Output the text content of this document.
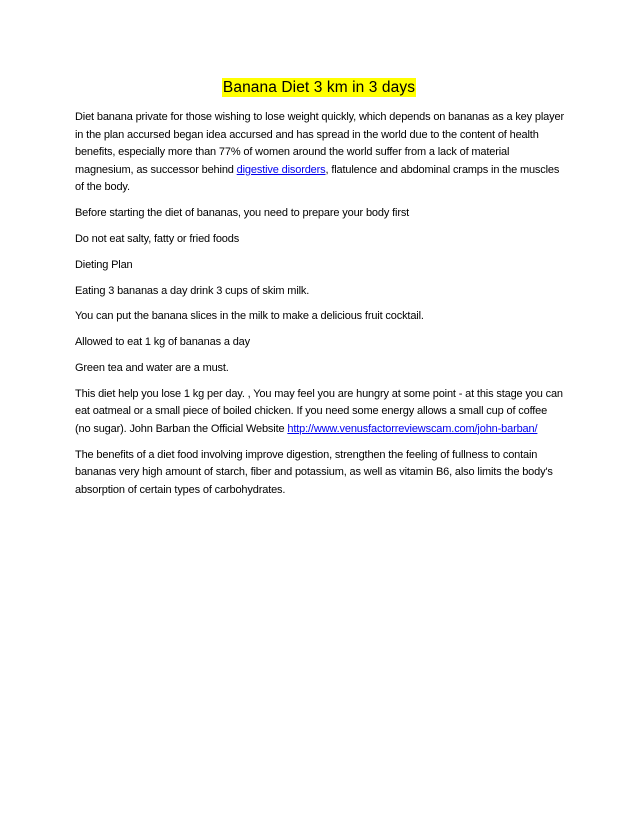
Banana Diet 3 km in 3 days

Diet banana private for those wishing to lose weight quickly, which depends on bananas as a key player in the plan accursed began idea accursed and has spread in the world due to the content of health benefits, especially more than 77% of women around the world suffer from a lack of material magnesium, as successor behind digestive disorders, flatulence and abdominal cramps in the muscles of the body.

Before starting the diet of bananas, you need to prepare your body first

Do not eat salty, fatty or fried foods

Dieting Plan

Eating 3 bananas a day drink 3 cups of skim milk.

You can put the banana slices in the milk to make a delicious fruit cocktail.

Allowed to eat 1 kg of bananas a day

Green tea and water are a must.

This diet help you lose 1 kg per day. , You may feel you are hungry at some point - at this stage you can eat oatmeal or a small piece of boiled chicken. If you need some energy allows a small cup of coffee (no sugar). John Barban the Official Website http://www.venusfactorreviewscam.com/john-barban/

The benefits of a diet food involving improve digestion, strengthen the feeling of fullness to contain bananas very high amount of starch, fiber and potassium, as well as vitamin B6, also limits the body's absorption of certain types of carbohydrates.
